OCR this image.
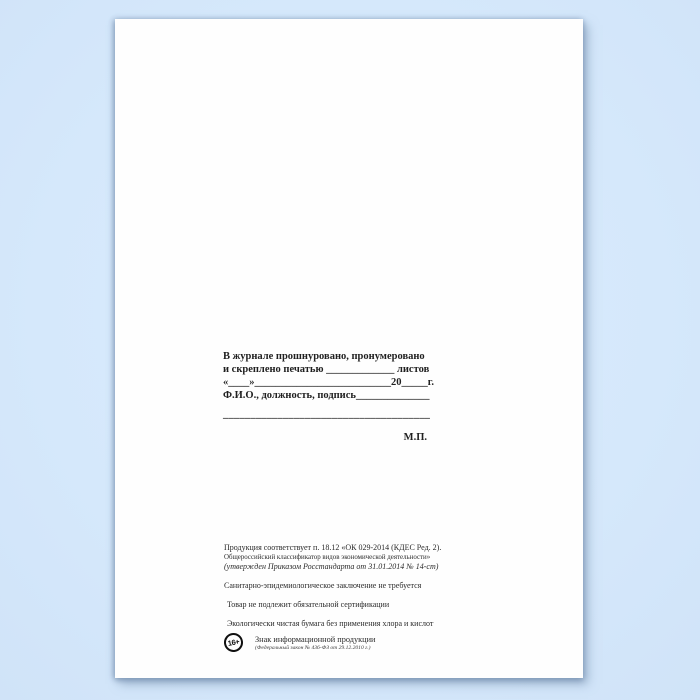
В журнале прошнуровано, пронумеровано
и скреплено печатью _____________ листов
«____»__________________________20_____г.
Ф.И.О., должность, подпись______________
______________________________________
М.П.
Продукция соответствует п. 18.12 «ОК 029-2014 (КДЕС Ред. 2).
Общероссийский классификатор видов экономической деятельности»
(утвержден Приказом Росстандарта от 31.01.2014 № 14-ст)
Санитарно-эпидемиологическое заключение не требуется
Товар не подлежит обязательной сертификации
Экологически чистая бумага без применения хлора и кислот
16+	Знак информационной продукции
(Федеральный закон № 436-ФЗ от 29.12.2010 г.)
